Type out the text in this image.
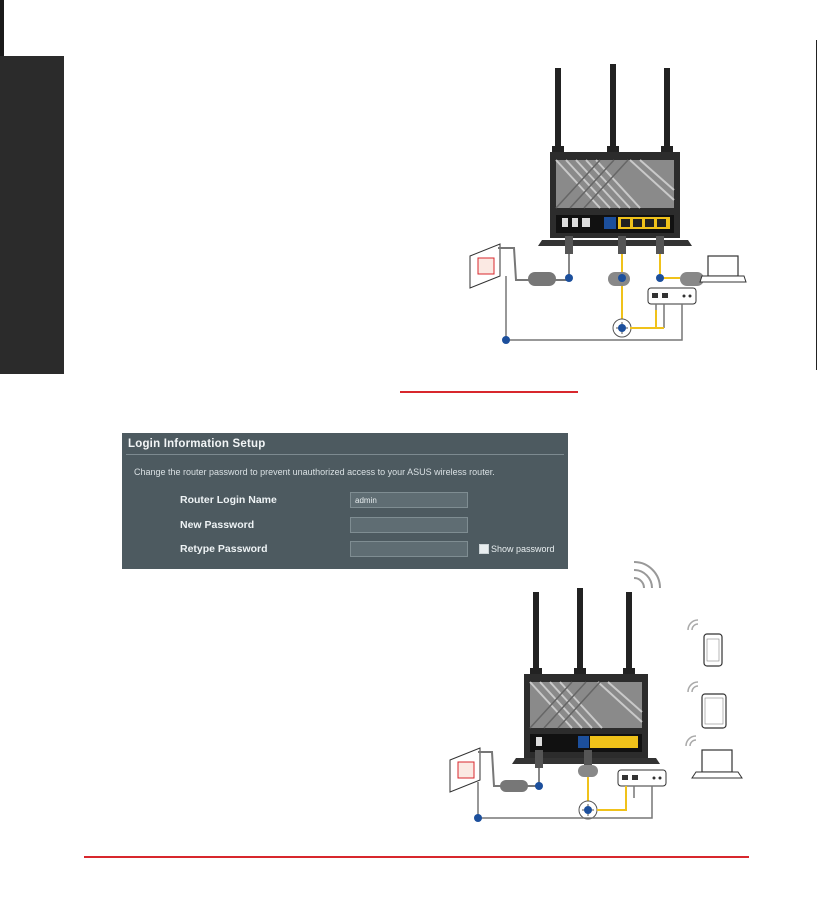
Login Information Setup
Change the router password to prevent unauthorized access to your ASUS wireless router.
Router Login Name
admin
New Password
Retype Password	Show password
